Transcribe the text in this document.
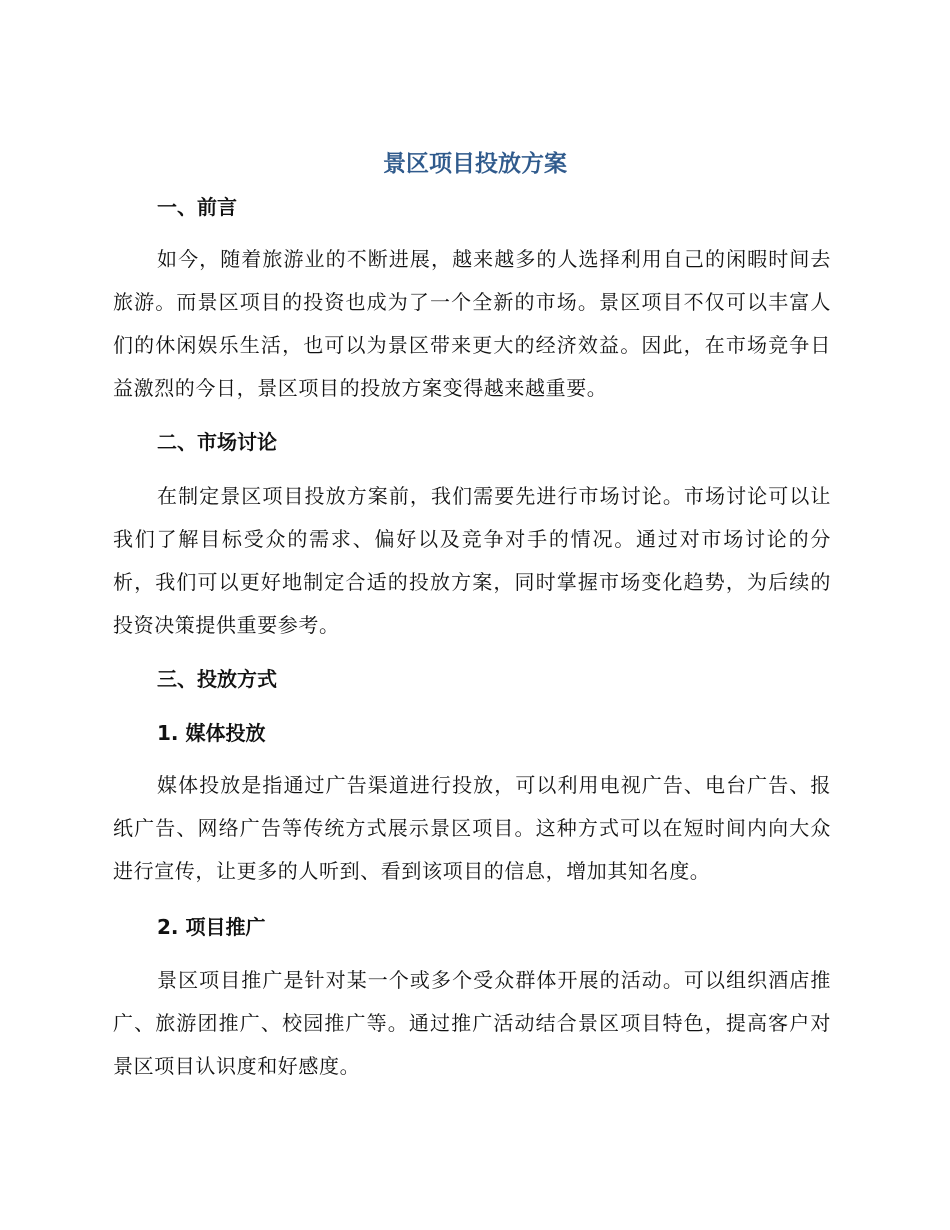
景区项目投放方案
一、前言

如今，随着旅游业的不断进展，越来越多的人选择利用自己的闲暇时间去旅游。而景区项目的投资也成为了一个全新的市场。景区项目不仅可以丰富人们的休闲娱乐生活，也可以为景区带来更大的经济效益。因此，在市场竞争日益激烈的今日，景区项目的投放方案变得越来越重要。

二、市场讨论

在制定景区项目投放方案前，我们需要先进行市场讨论。市场讨论可以让我们了解目标受众的需求、偏好以及竞争对手的情况。通过对市场讨论的分析，我们可以更好地制定合适的投放方案，同时掌握市场变化趋势，为后续的投资决策提供重要参考。

三、投放方式
1. 媒体投放

媒体投放是指通过广告渠道进行投放，可以利用电视广告、电台广告、报纸广告、网络广告等传统方式展示景区项目。这种方式可以在短时间内向大众进行宣传，让更多的人听到、看到该项目的信息，增加其知名度。

2. 项目推广

景区项目推广是针对某一个或多个受众群体开展的活动。可以组织酒店推广、旅游团推广、校园推广等。通过推广活动结合景区项目特色，提高客户对景区项目认识度和好感度。
